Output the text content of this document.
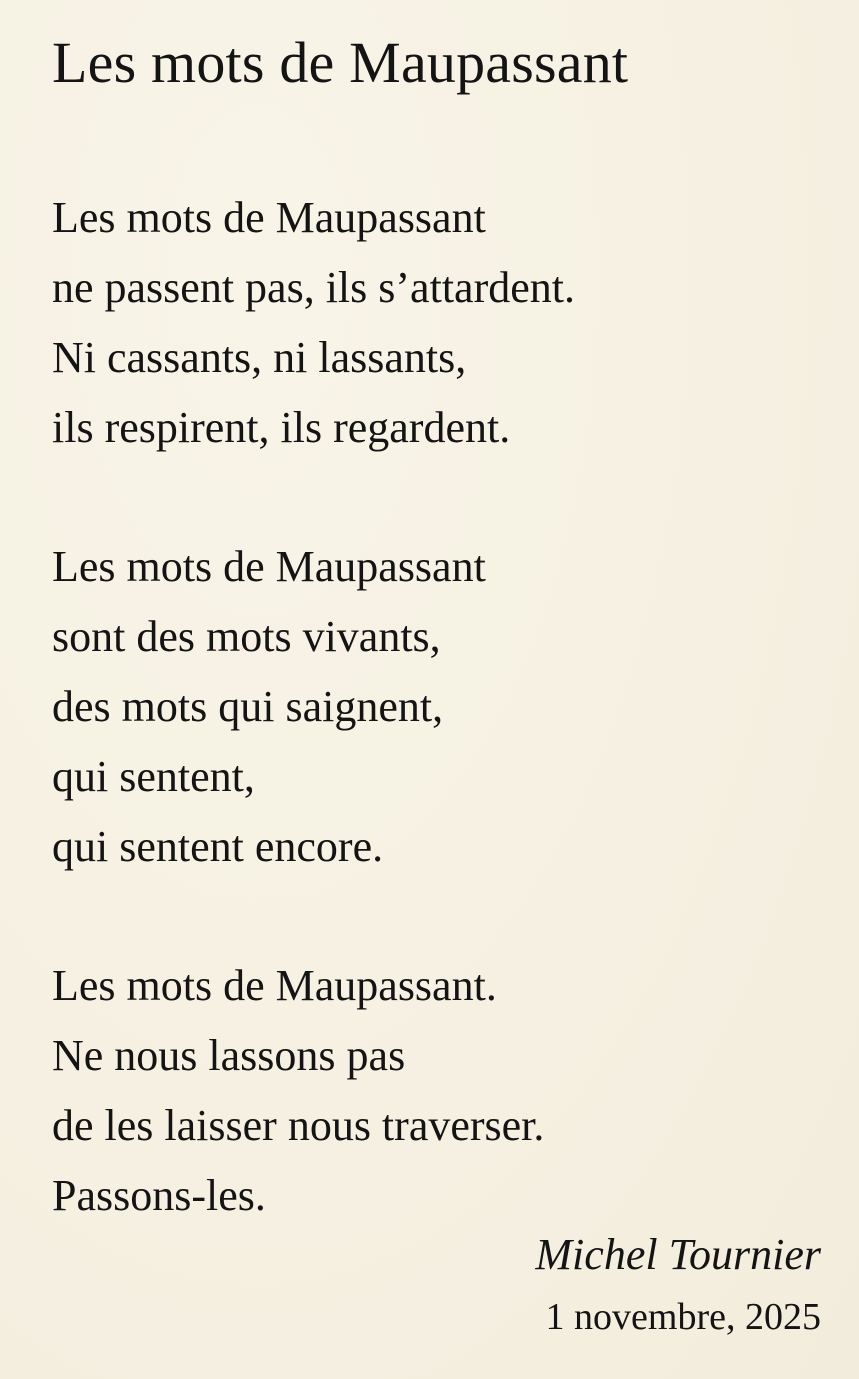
Les mots de Maupassant

Les mots de Maupassant
ne passent pas, ils s’attardent.
Ni cassants, ni lassants,
ils respirent, ils regardent.

Les mots de Maupassant
sont des mots vivants,
des mots qui saignent,
qui sentent,
qui sentent encore.

Les mots de Maupassant.
Ne nous lassons pas
de les laisser nous traverser.
Passons-les.

Michel Tournier
1 novembre, 2025
